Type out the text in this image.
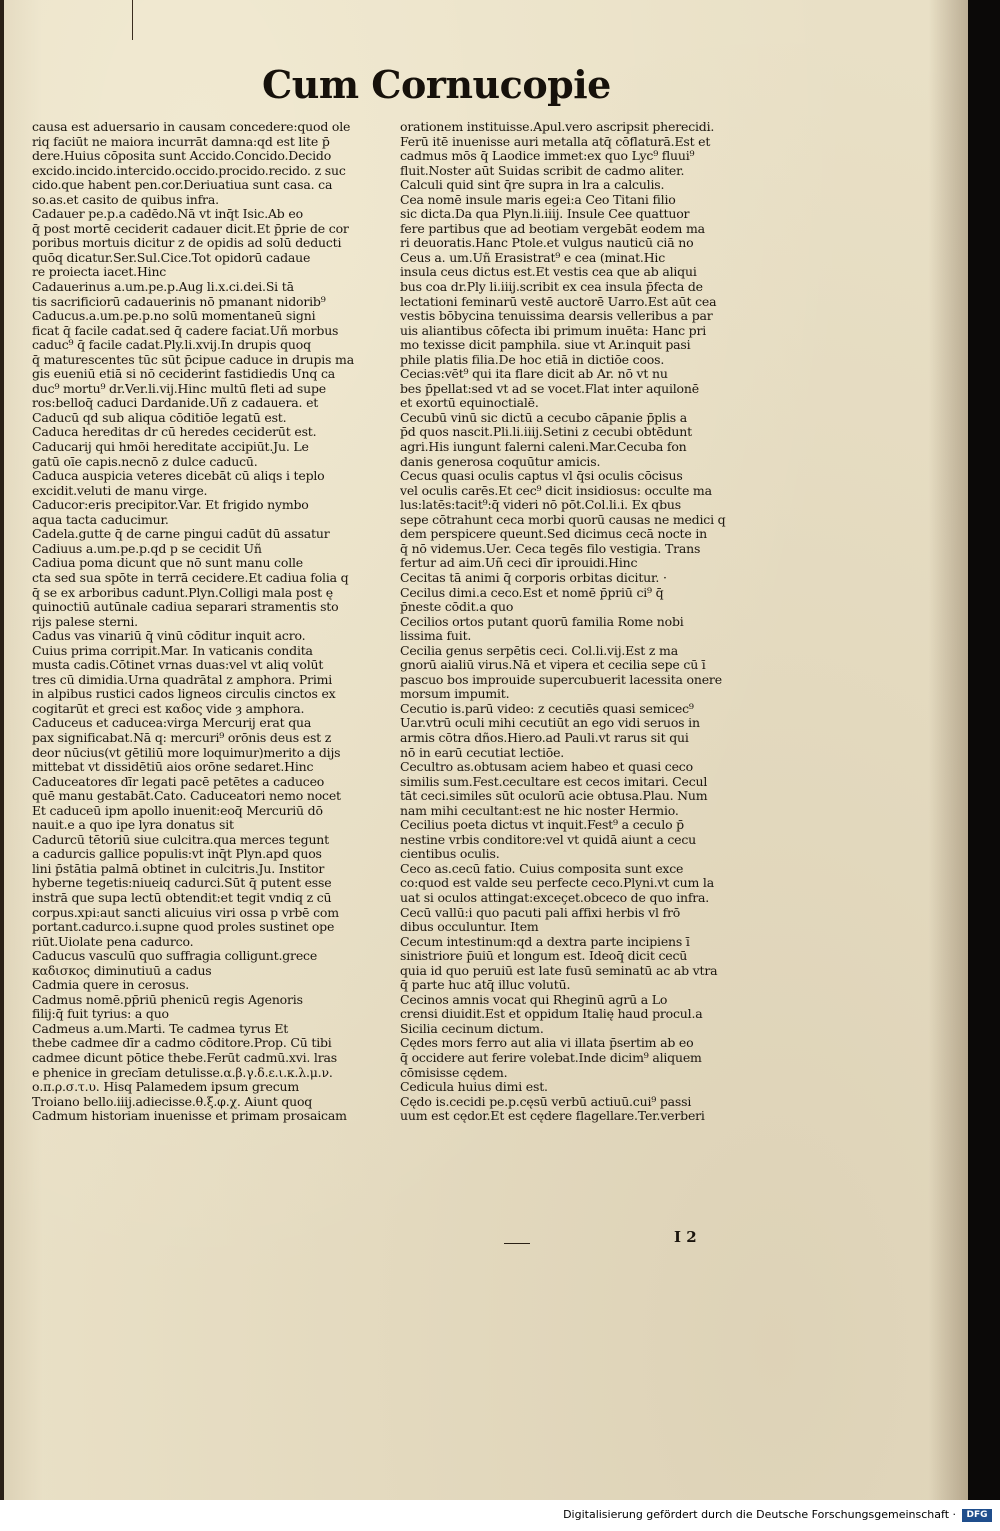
Cum Cornucopie
causa est aduersario in causam concedere:quod ole
riq faciūt ne maiora incurrāt damna:qd est lite p̄
dere.Huius cōposita sunt Accido.Concido.Decido
excido.incido.intercido.occido.procido.recido. z suc
cido.que habent pen.cor.Deriuatiua sunt casa. ca
so.as.et casito de quibus infra.
Cadauer pe.p.a cadēdo.Nā vt inq̄t Isic.Ab eo
q̄ post mortē ceciderit cadauer dicit.Et p̄prie de cor
poribus mortuis dicitur z de opidis ad solū deducti
quōq dicatur.Ser.Sul.Cice.Tot opidorū cadaue
re proiecta iacet.Hinc
Cadauerinus a.um.pe.p.Aug li.x.ci.dei.Si tā
tis sacrificiorū cadauerinis nō pmanant nidorib⁹
Caducus.a.um.pe.p.no solū momentaneū signi
ficat q̄ facile cadat.sed q̄ cadere faciat.Uñ morbus
caduc⁹ q̄ facile cadat.Ply.li.xvij.In drupis quoq
q̄ maturescentes tūc sūt p̄cipue caduce in drupis ma
gis eueniū etiā si nō ceciderint fastidiedis Unq ca
duc⁹ mortu⁹ dr.Ver.li.vij.Hinc multū fleti ad supe
ros:belloq̄ caduci Dardanide.Uñ z cadauera. et
Caducū qd sub aliqua cōditiōe legatū est.
Caduca hereditas dr cū heredes ceciderūt est.
Caducarij qui hmōi hereditate accipiūt.Ju. Le
gatū oīe capis.necnō z dulce caducū.
Caduca auspicia veteres dicebāt cū aliqs i teplo
excidit.veluti de manu virge.
Caducor:eris precipitor.Var. Et frigido nymbo
aqua tacta caducimur.
Cadela.gutte q̄ de carne pingui cadūt dū assatur
Cadiuus a.um.pe.p.qd p se cecidit Uñ
Cadiua poma dicunt que nō sunt manu colle
cta sed sua spōte in terrā cecidere.Et cadiua folia q
q̄ se ex arboribus cadunt.Plyn.Colligi mala post ę
quinoctiū autūnale cadiua separari stramentis sto
rijs palese sterni.
Cadus vas vinariū q̄ vinū cōditur inquit acro.
Cuius prima corripit.Mar. In vaticanis condita
musta cadis.Cōtinet vrnas duas:vel vt aliq volūt
tres cū dimidia.Urna quadrātal z amphora. Primi
in alpibus rustici cados ligneos circulis cinctos ex
cogitarūt et greci est καδος vide ȝ amphora.
Caduceus et caducea:virga Mercurij erat qua
pax significabat.Nā q: mercuri⁹ orōnis deus est z
deor nūcius(vt gētiliū more loquimur)merito a dijs
mittebat vt dissidētiū aios orōne sedaret.Hinc
Caduceatores dīr legati pacē petētes a caduceo
quē manu gestabāt.Cato. Caduceatori nemo nocet
Et caduceū ipm apollo inuenit:eoq̄ Mercuriū dō
nauit.e a quo ipe lyra donatus sit
Cadurcū tētoriū siue culcitra.qua merces tegunt
a cadurcis gallice populis:vt inq̄t Plyn.apd quos
lini p̄stātia palmā obtinet in culcitris.Ju. Institor
hyberne tegetis:niueiq cadurci.Sūt q̄ putent esse
instrā que supa lectū obtendit:et tegit vndiq z cū
corpus.xpi:aut sancti alicuius viri ossa p vrbē com
portant.cadurco.i.supne quod proles sustinet ope
riūt.Uiolate pena cadurco.
Caducus vasculū quo suffragia colligunt.grece
καδισκος diminutiuū a cadus
Cadmia quere in cerosus.
Cadmus nomē.pp̄riū phenicū regis Agenoris
filij:q̄ fuit tyrius: a quo
Cadmeus a.um.Marti. Te cadmea tyrus Et
thebe cadmee dīr a cadmo cōditore.Prop. Cū tibi
cadmee dicunt pōtice thebe.Ferūt cadmū.xvi. lras
e phenice in grecīam detulisse.α.β.γ.δ.ε.ι.κ.λ.μ.ν.
ο.π.ρ.σ.τ.υ. Hisq Palamedem ipsum grecum
Troiano bello.iiij.adiecisse.θ.ξ.φ.χ. Aiunt quoq
Cadmum historiam inuenisse et primam prosaicam
orationem instituisse.Apul.vero ascripsit pherecidi.
Ferū itē inuenisse auri metalla atq̄ cōflaturā.Est et
cadmus mōs q̄ Laodice immet:ex quo Lyc⁹ fluui⁹
fluit.Noster aūt Suidas scribit de cadmo aliter.
Calculi quid sint q̄re supra in lra a calculis.
Cea nomē insule maris egei:a Ceo Titani filio
sic dicta.Da qua Plyn.li.iiij. Insule Cee quattuor
fere partibus que ad beotiam vergebāt eodem ma
ri deuoratis.Hanc Ptole.et vulgus nauticū ciā no
Ceus a. um.Uñ Erasistrat⁹ e cea (minat.Hic
insula ceus dictus est.Et vestis cea que ab aliqui
bus coa dr.Ply li.iiij.scribit ex cea insula p̄fecta de
lectationi feminarū vestē auctorē Uarro.Est aūt cea
vestis bōbycina tenuissima dearsis velleribus a par
uis aliantibus cōfecta ibi primum inuēta: Hanc pri
mo texisse dicit pamphila. siue vt Ar.inquit pasi
phile platis filia.De hoc etiā in dictiōe coos.
Cecias:vēt⁹ qui ita flare dicit ab Ar. nō vt nu
bes p̄pellat:sed vt ad se vocet.Flat inter aquilonē
et exortū equinoctialē.
Cecubū vinū sic dictū a cecubo cāpanie p̄plis a
p̄d quos nascit.Pli.li.iiij.Setini z cecubi obtēdunt
agri.His iungunt falerni caleni.Mar.Cecuba fon
danis generosa coquūtur amicis.
Cecus quasi oculis captus vl q̄si oculis cōcisus
vel oculis carēs.Et cec⁹ dicit insidiosus: occulte ma
lus:latēs:tacit⁹:q̄ videri nō pōt.Col.li.i. Ex qbus
sepe cōtrahunt ceca morbi quorū causas ne medici q
dem perspicere queunt.Sed dicimus cecā nocte in
q̄ nō videmus.Uer. Ceca tegēs filo vestigia. Trans
fertur ad aim.Uñ ceci dīr iprouidi.Hinc
Cecitas tā animi q̄ corporis orbitas dicitur. ·
Cecilus dimi.a ceco.Est et nomē p̄priū ci⁹ q̄
p̄neste cōdit.a quo
Cecilios ortos putant quorū familia Rome nobi
lissima fuit.
Cecilia genus serpētis ceci. Col.li.vij.Est z ma
gnorū aialiū virus.Nā et vipera et cecilia sepe cū ī
pascuo bos improuide supercubuerit lacessita onere
morsum impumit.
Cecutio is.parū video: z cecutiēs quasi semicec⁹
Uar.vtrū oculi mihi cecutiūt an ego vidi seruos in
armis cōtra dños.Hiero.ad Pauli.vt rarus sit qui
nō in earū cecutiat lectiōe.
Cecultro as.obtusam aciem habeo et quasi ceco
similis sum.Fest.cecultare est cecos imitari. Cecul
tāt ceci.similes sūt oculorū acie obtusa.Plau. Num
nam mihi cecultant:est ne hic noster Hermio.
Cecilius poeta dictus vt inquit.Fest⁹ a ceculo p̄
nestine vrbis conditore:vel vt quidā aiunt a cecu
cientibus oculis.
Ceco as.cecū fatio. Cuius composita sunt exce
co:quod est valde seu perfecte ceco.Plyni.vt cum la
uat si oculos attingat:exceçet.obceco de quo infra.
Cecū vallū:i quo pacuti pali affixi herbis vl frō
dibus occuluntur. Item
Cecum intestinum:qd a dextra parte incipiens ī
sinistriore p̄uiū et longum est. Ideoq̄ dicit cecū
quia id quo peruiū est late fusū seminatū ac ab vtra
q̄ parte huc atq̄ illuc volutū.
Cecinos amnis vocat qui Rheginū agrū a Lo
crensi diuidit.Est et oppidum Italię haud procul.a
Sicilia cecinum dictum.
Cędes mors ferro aut alia vi illata p̄sertim ab eo
q̄ occidere aut ferire volebat.Inde dicim⁹ aliquem
cōmisisse cędem.
Cedicula huius dimi est.
Cędo is.cecidi pe.p.cęsū verbū actiuū.cui⁹ passi
uum est cędor.Et est cędere flagellare.Ter.verberi
I 2
Digitalisierung gefördert durch die Deutsche Forschungsgemeinschaft ·	DFG
